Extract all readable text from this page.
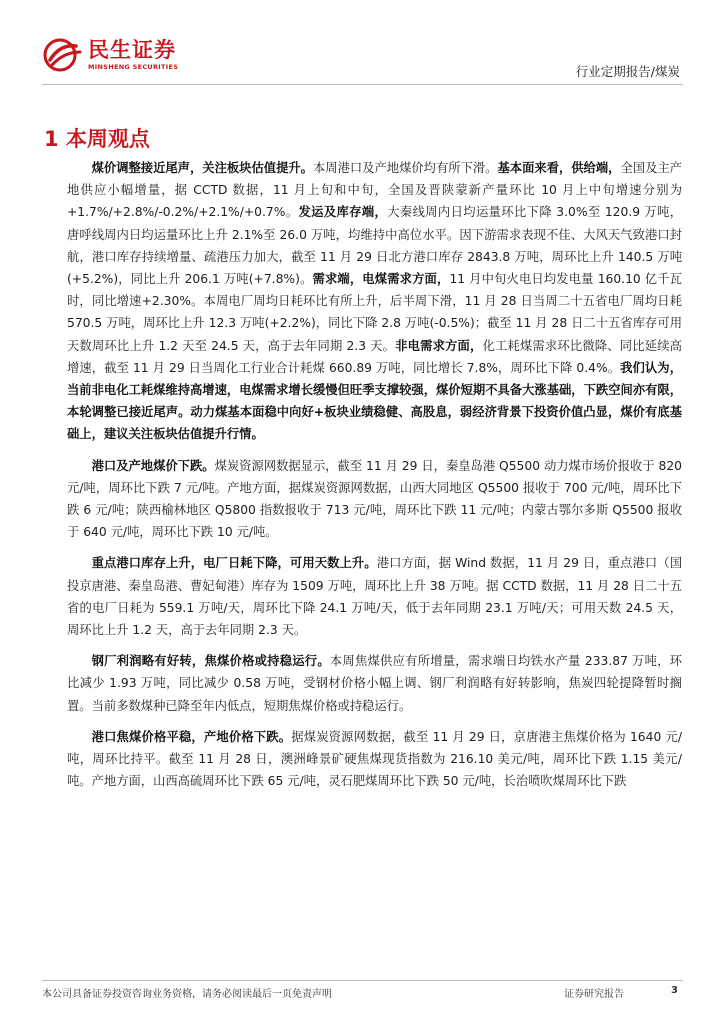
民生证券
MINSHENG SECURITIES	行业定期报告/煤炭
1 本周观点

煤价调整接近尾声，关注板块估值提升。本周港口及产地煤价均有所下滑。基本面来看，供给端，全国及主产地供应小幅增量，据 CCTD 数据，11 月上旬和中旬，全国及晋陕蒙新产量环比 10 月上中旬增速分别为+1.7%/+2.8%/-0.2%/+2.1%/+0.7%。发运及库存端，大秦线周内日均运量环比下降 3.0%至 120.9 万吨，唐呼线周内日均运量环比上升 2.1%至 26.0 万吨，均维持中高位水平。因下游需求表现不佳、大风天气致港口封航，港口库存持续增量、疏港压力加大，截至 11 月 29 日北方港口库存 2843.8 万吨，周环比上升 140.5 万吨(+5.2%)，同比上升 206.1 万吨(+7.8%)。需求端，电煤需求方面，11 月中旬火电日均发电量 160.10 亿千瓦时，同比增速+2.30%。本周电厂周均日耗环比有所上升，后半周下滑，11 月 28 日当周二十五省电厂周均日耗 570.5 万吨，周环比上升 12.3 万吨(+2.2%)，同比下降 2.8 万吨(-0.5%)；截至 11 月 28 日二十五省库存可用天数周环比上升 1.2 天至 24.5 天，高于去年同期 2.3 天。非电需求方面，化工耗煤需求环比微降、同比延续高增速，截至 11 月 29 日当周化工行业合计耗煤 660.89 万吨，同比增长 7.8%，周环比下降 0.4%。我们认为，当前非电化工耗煤维持高增速，电煤需求增长缓慢但旺季支撑较强，煤价短期不具备大涨基础，下跌空间亦有限，本轮调整已接近尾声。动力煤基本面稳中向好+板块业绩稳健、高股息，弱经济背景下投资价值凸显，煤价有底基础上，建议关注板块估值提升行情。

港口及产地煤价下跌。煤炭资源网数据显示，截至 11 月 29 日，秦皇岛港 Q5500 动力煤市场价报收于 820 元/吨，周环比下跌 7 元/吨。产地方面，据煤炭资源网数据，山西大同地区 Q5500 报收于 700 元/吨，周环比下跌 6 元/吨；陕西榆林地区 Q5800 指数报收于 713 元/吨，周环比下跌 11 元/吨；内蒙古鄂尔多斯 Q5500 报收于 640 元/吨，周环比下跌 10 元/吨。

重点港口库存上升，电厂日耗下降，可用天数上升。港口方面，据 Wind 数据，11 月 29 日，重点港口（国投京唐港、秦皇岛港、曹妃甸港）库存为 1509 万吨，周环比上升 38 万吨。据 CCTD 数据，11 月 28 日二十五省的电厂日耗为 559.1 万吨/天，周环比下降 24.1 万吨/天，低于去年同期 23.1 万吨/天；可用天数 24.5 天，周环比上升 1.2 天，高于去年同期 2.3 天。

钢厂利润略有好转，焦煤价格或持稳运行。本周焦煤供应有所增量，需求端日均铁水产量 233.87 万吨，环比减少 1.93 万吨，同比减少 0.58 万吨，受钢材价格小幅上调、钢厂利润略有好转影响，焦炭四轮提降暂时搁置。当前多数煤种已降至年内低点，短期焦煤价格或持稳运行。

港口焦煤价格平稳，产地价格下跌。据煤炭资源网数据，截至 11 月 29 日，京唐港主焦煤价格为 1640 元/吨，周环比持平。截至 11 月 28 日，澳洲峰景矿硬焦煤现货指数为 216.10 美元/吨，周环比下跌 1.15 美元/吨。产地方面，山西高硫周环比下跌 65 元/吨，灵石肥煤周环比下跌 50 元/吨，长治喷吹煤周环比下跌

本公司具备证券投资咨询业务资格，请务必阅读最后一页免责声明	证券研究报告	3
